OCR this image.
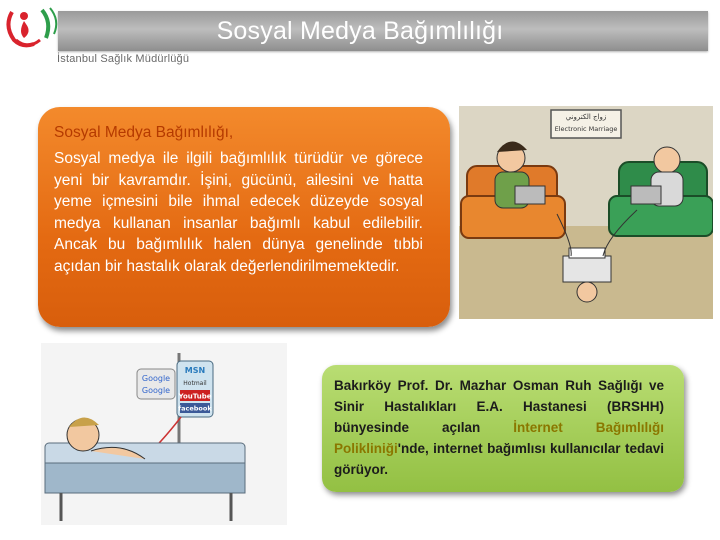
Sosyal Medya Bağımlılığı
İstanbul Sağlık Müdürlüğü
Sosyal Medya Bağımlılığı,
Sosyal medya ile ilgili bağımlılık türüdür ve görece yeni bir kavramdır. İşini, gücünü, ailesini ve hatta yeme içmesini bile ihmal edecek düzeyde sosyal medya kullanan insanlar bağımlı kabul edilebilir. Ancak bu bağımlılık halen dünya genelinde tıbbi açıdan bir hastalık olarak değerlendirilmemektedir.
زواج الكتروني
Electronic Marriage
MSN
Hotmail
YouTube
facebook
Google
Google	Bakırköy Prof. Dr. Mazhar Osman Ruh Sağlığı ve Sinir Hastalıkları E.A. Hastanesi (BRSHH) bünyesinde açılan İnternet Bağımlılığı Polikliniği'nde, internet bağımlısı kullanıcılar tedavi görüyor.
